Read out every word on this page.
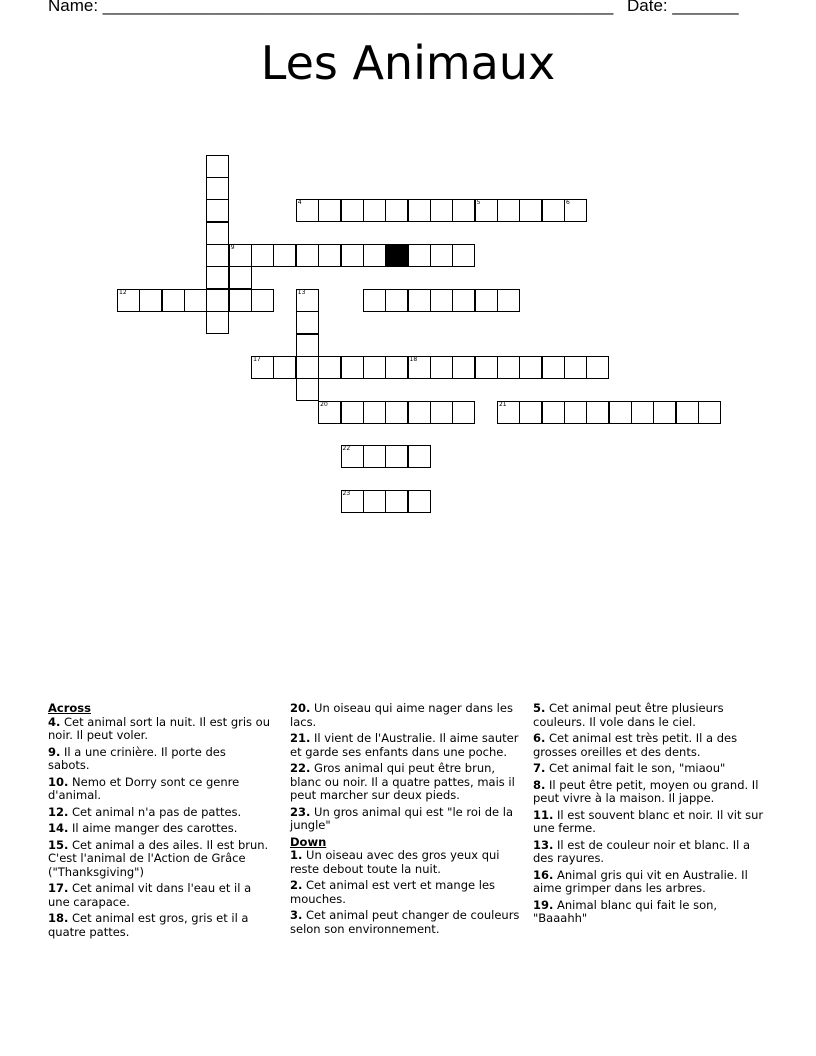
Name: ______________________________________________________ Date: _______
Les Animaux
4	5	6
9
12
17	18
20	21
22
23
13
Across
4. Cet animal sort la nuit. Il est gris ou noir. Il peut voler.
9. Il a une crinière. Il porte des sabots.
10. Nemo et Dorry sont ce genre d'animal.
12. Cet animal n'a pas de pattes.
14. Il aime manger des carottes.
15. Cet animal a des ailes. Il est brun. C'est l'animal de l'Action de Grâce ("Thanksgiving")
17. Cet animal vit dans l'eau et il a une carapace.
18. Cet animal est gros, gris et il a quatre pattes.
20. Un oiseau qui aime nager dans les lacs.
21. Il vient de l'Australie. Il aime sauter et garde ses enfants dans une poche.
22. Gros animal qui peut être brun, blanc ou noir. Il a quatre pattes, mais il peut marcher sur deux pieds.
23. Un gros animal qui est "le roi de la jungle"
Down
1. Un oiseau avec des gros yeux qui reste debout toute la nuit.
2. Cet animal est vert et mange les mouches.
3. Cet animal peut changer de couleurs selon son environnement.
5. Cet animal peut être plusieurs couleurs. Il vole dans le ciel.
6. Cet animal est très petit. Il a des grosses oreilles et des dents.
7. Cet animal fait le son, "miaou"
8. Il peut être petit, moyen ou grand. Il peut vivre à la maison. Il jappe.
11. Il est souvent blanc et noir. Il vit sur une ferme.
13. Il est de couleur noir et blanc. Il a des rayures.
16. Animal gris qui vit en Australie. Il aime grimper dans les arbres.
19. Animal blanc qui fait le son, "Baaahh"
